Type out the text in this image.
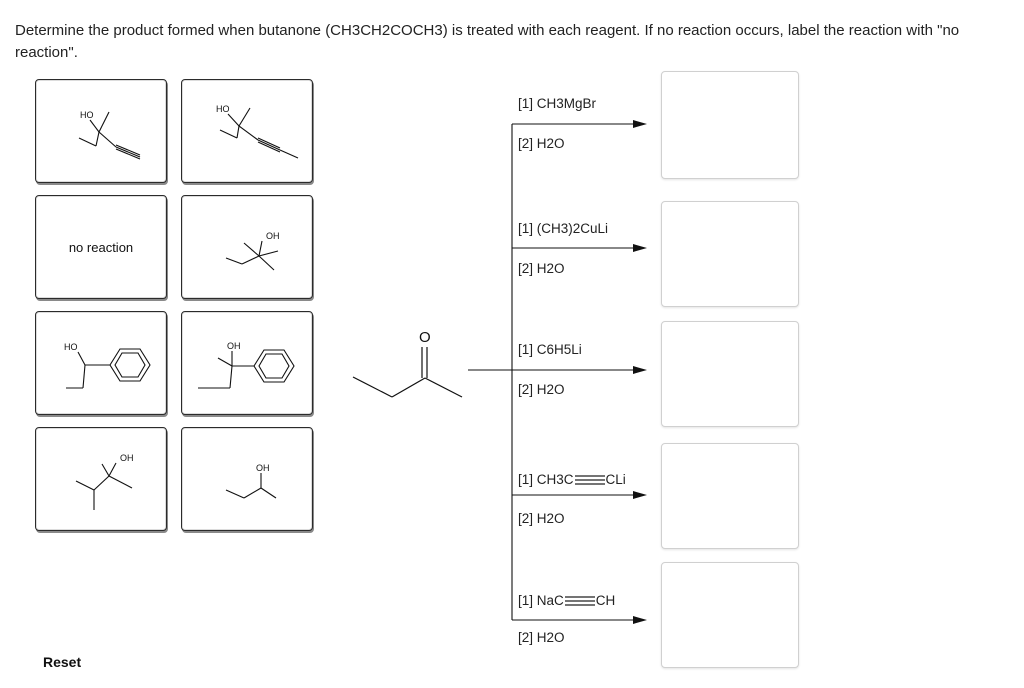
Determine the product formed when butanone (CH3CH2COCH3) is treated with each reagent. If no reaction occurs, label the reaction with "no reaction".
HO
HO
no reaction
OH
HO	OH
OH
OH
O
[1] CH3MgBr
[2] H2O
[1] (CH3)2CuLi
[2] H2O
[1] C6H5Li
[2] H2O
[1] CH3C CLi
[2] H2O
[1] NaC CH
[2] H2O
Reset
